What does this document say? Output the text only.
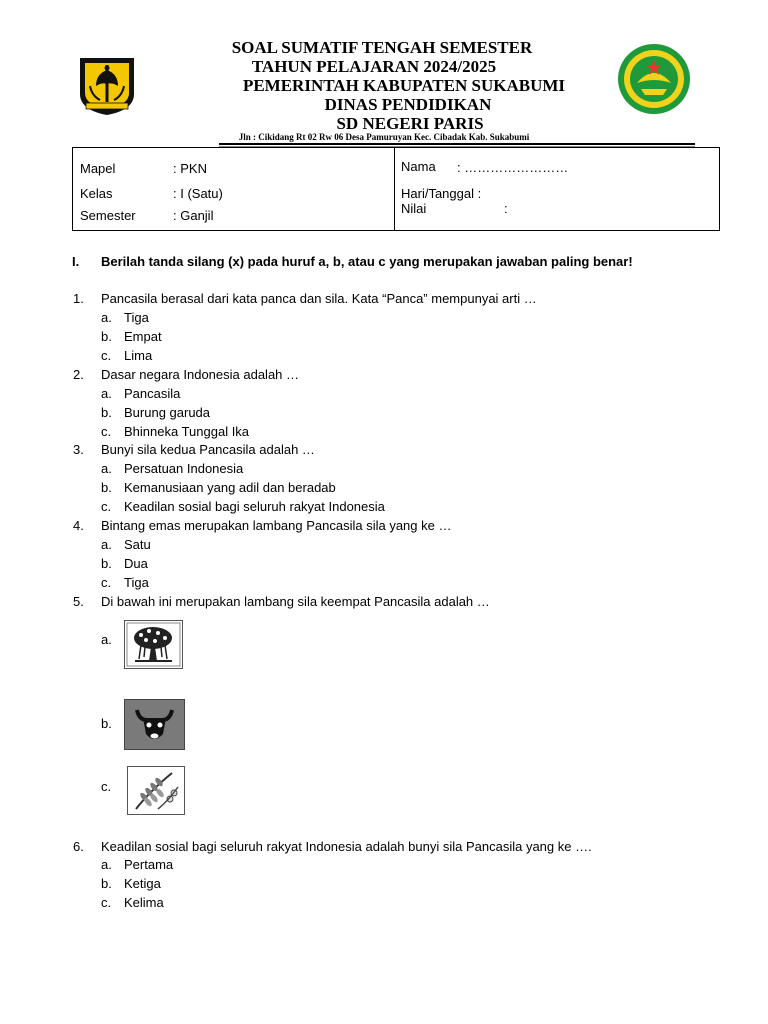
SOAL SUMATIF TENGAH SEMESTER
TAHUN PELAJARAN 2024/2025
PEMERINTAH KABUPATEN SUKABUMI
DINAS PENDIDIKAN
SD NEGERI PARIS
Jln : Cikidang Rt 02 Rw 06 Desa Pamuruyan Kec. Cibadak Kab. Sukabumi
Mapel	: PKN
Kelas	: I (Satu)
Semester	: Ganjil
Nama : ……………………
Hari/Tanggal :
Nilai	:
I. Berilah tanda silang (x) pada huruf a, b, atau c yang merupakan jawaban paling benar!
1. Pancasila berasal dari kata panca dan sila. Kata “Panca” mempunyai arti …
a. Tiga
b. Empat
c. Lima
2. Dasar negara Indonesia adalah …
a. Pancasila
b. Burung garuda
c. Bhinneka Tunggal Ika
3. Bunyi sila kedua Pancasila adalah …
a. Persatuan Indonesia
b. Kemanusiaan yang adil dan beradab
c. Keadilan sosial bagi seluruh rakyat Indonesia
4. Bintang emas merupakan lambang Pancasila sila yang ke …
a. Satu
b. Dua
c. Tiga
5. Di bawah ini merupakan lambang sila keempat Pancasila adalah …
a.
b.
c.
6. Keadilan sosial bagi seluruh rakyat Indonesia adalah bunyi sila Pancasila yang ke ….
a. Pertama
b. Ketiga
c. Kelima
